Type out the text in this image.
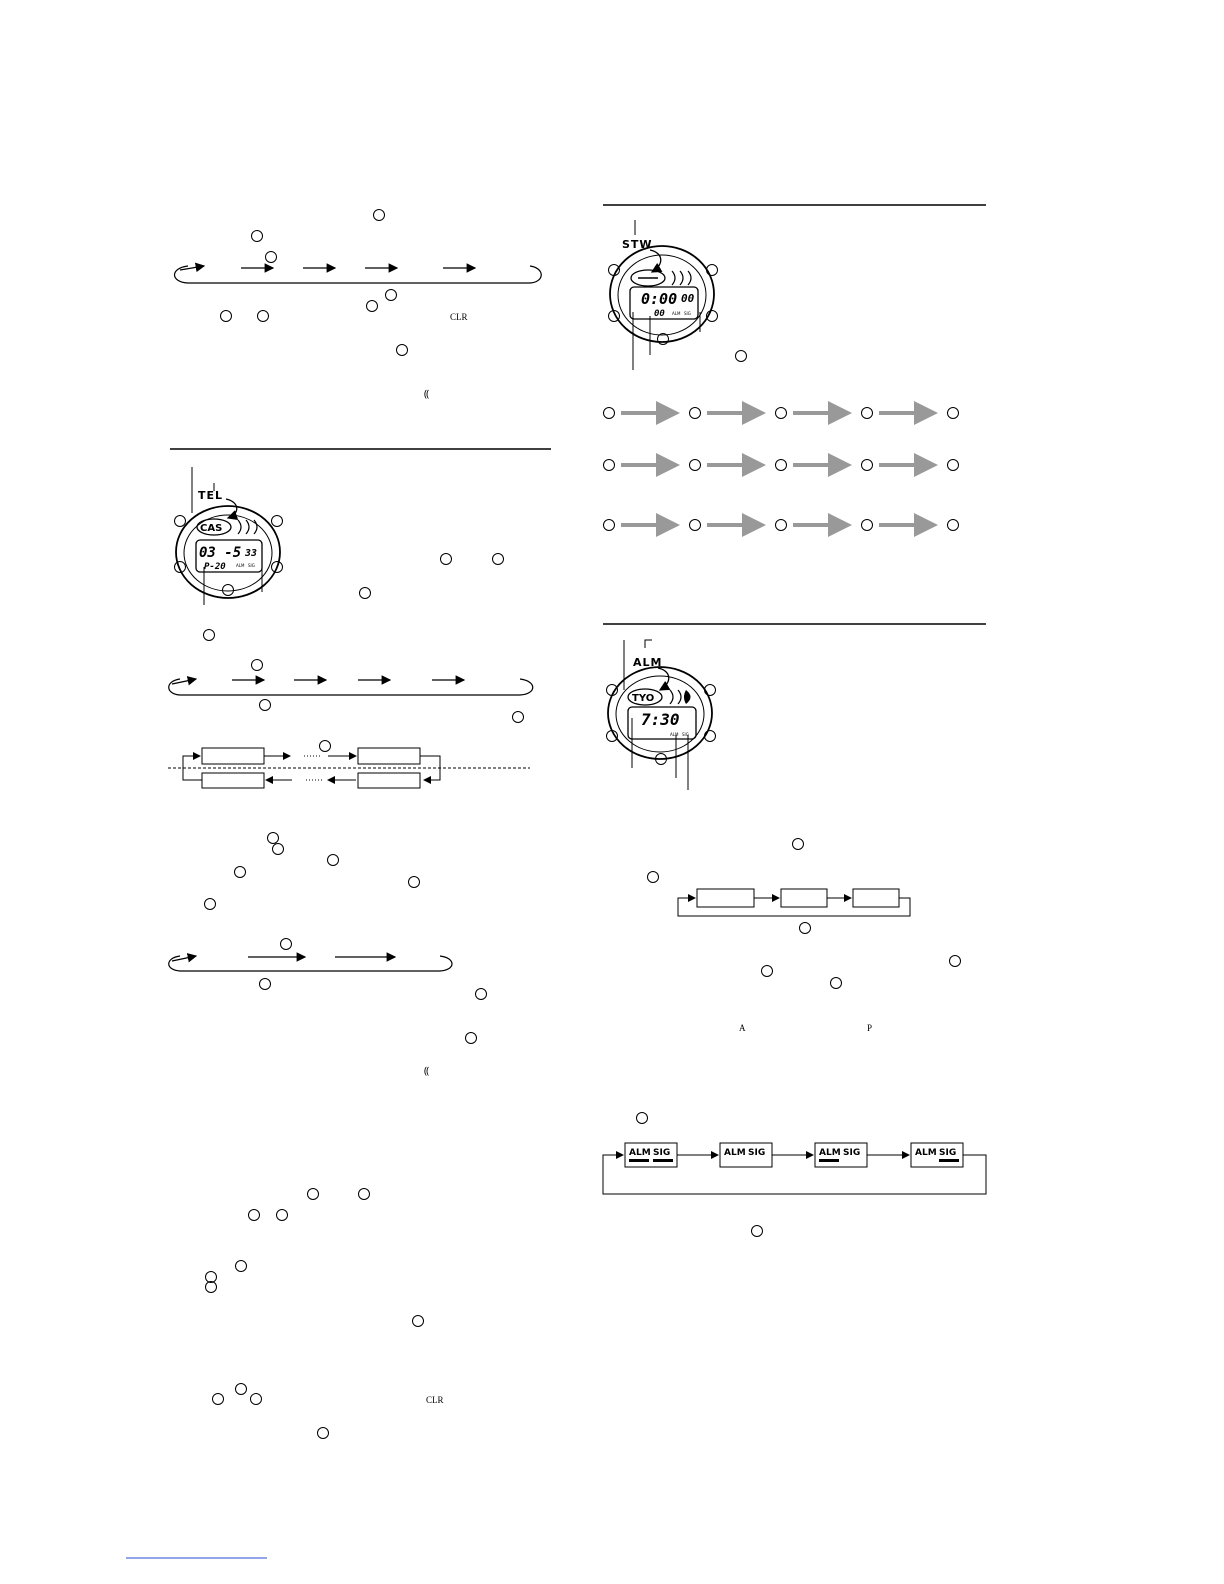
CLR
⸨
TEL
CAS
03 -5 33
P-20	ALM SIG
⸨
CLR
STW
0:00 00
00 ALM SIG
ALM
TYO
7:30
ALM SIG
A	P
ALM SIG	ALM SIG	ALM SIG	ALM SIG
